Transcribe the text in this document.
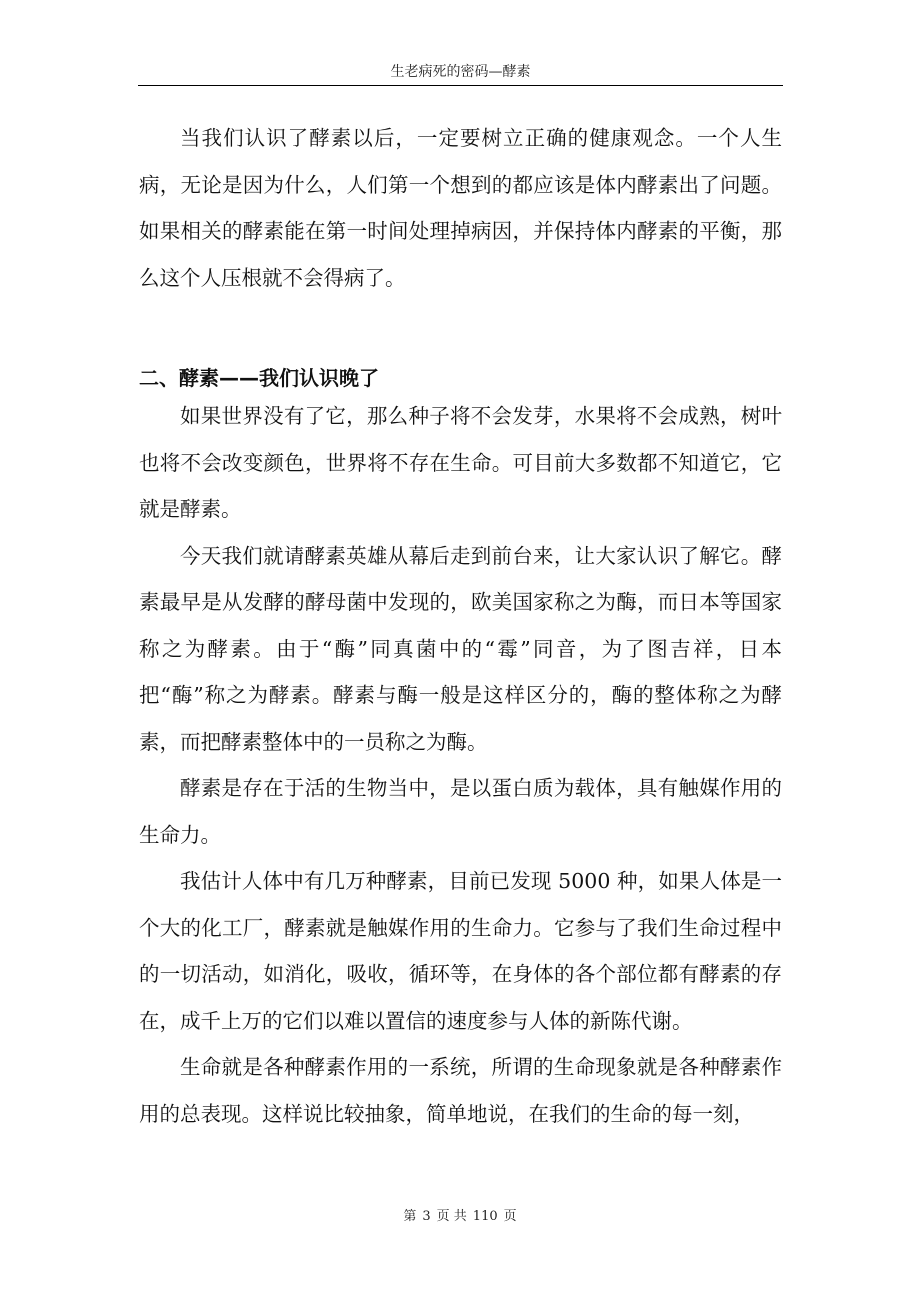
生老病死的密码—酵素

当我们认识了酵素以后，一定要树立正确的健康观念。一个人生病，无论是因为什么，人们第一个想到的都应该是体内酵素出了问题。如果相关的酵素能在第一时间处理掉病因，并保持体内酵素的平衡，那么这个人压根就不会得病了。

二、酵素——我们认识晚了

如果世界没有了它，那么种子将不会发芽，水果将不会成熟，树叶也将不会改变颜色，世界将不存在生命。可目前大多数都不知道它，它就是酵素。

今天我们就请酵素英雄从幕后走到前台来，让大家认识了解它。酵素最早是从发酵的酵母菌中发现的，欧美国家称之为酶，而日本等国家称之为酵素。由于“酶”同真菌中的“霉”同音，为了图吉祥，日本把“酶”称之为酵素。酵素与酶一般是这样区分的，酶的整体称之为酵素，而把酵素整体中的一员称之为酶。

酵素是存在于活的生物当中，是以蛋白质为载体，具有触媒作用的生命力。

我估计人体中有几万种酵素，目前已发现 5000 种，如果人体是一个大的化工厂，酵素就是触媒作用的生命力。它参与了我们生命过程中的一切活动，如消化，吸收，循环等，在身体的各个部位都有酵素的存在，成千上万的它们以难以置信的速度参与人体的新陈代谢。

生命就是各种酵素作用的一系统，所谓的生命现象就是各种酵素作用的总表现。这样说比较抽象，简单地说，在我们的生命的每一刻，

第 3 页 共 110 页
